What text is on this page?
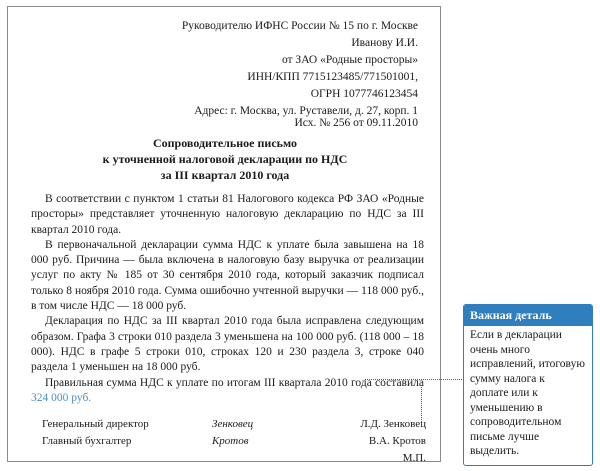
Руководителю ИФНС России № 15 по г. Москве
Иванову И.И.
от ЗАО «Родные просторы»
ИНН/КПП 7715123485/771501001,
ОГРН 1077746123454
Адрес: г. Москва, ул. Руставели, д. 27, корп. 1
Исх. № 256 от 09.11.2010
Сопроводительное письмо
к уточненной налоговой декларации по НДС
за III квартал 2010 года

В соответствии с пунктом 1 статьи 81 Налогового кодекса РФ ЗАО «Родные просторы» представляет уточненную налоговую декларацию по НДС за III квартал 2010 года.

В первоначальной декларации сумма НДС к уплате была завышена на 18 000 руб. Причина — была включена в налоговую базу выручка от реализации услуг по акту № 185 от 30 сентября 2010 года, который заказчик подписал только 8 ноября 2010 года. Сумма ошибочно учтенной выручки — 118 000 руб., в том числе НДС — 18 000 руб.

Декларация по НДС за III квартал 2010 года была исправлена следующим образом. Графа 3 строки 010 раздела 3 уменьшена на 100 000 руб. (118 000 – 18 000). НДС в графе 5 строки 010, строках 120 и 230 раздела 3, строке 040 раздела 1 уменьшен на 18 000 руб.

Правильная сумма НДС к уплате по итогам III квартала 2010 года составила 324 000 руб.

Генеральный директор	Зенковец	Л.Д. Зенковец
Главный бухгалтер	Кротов	В.А. Кротов
М.П.
Важная деталь
Если в декларации очень много исправлений, итоговую сумму налога к доплате или к уменьшению в сопроводительном письме лучше выделить.
